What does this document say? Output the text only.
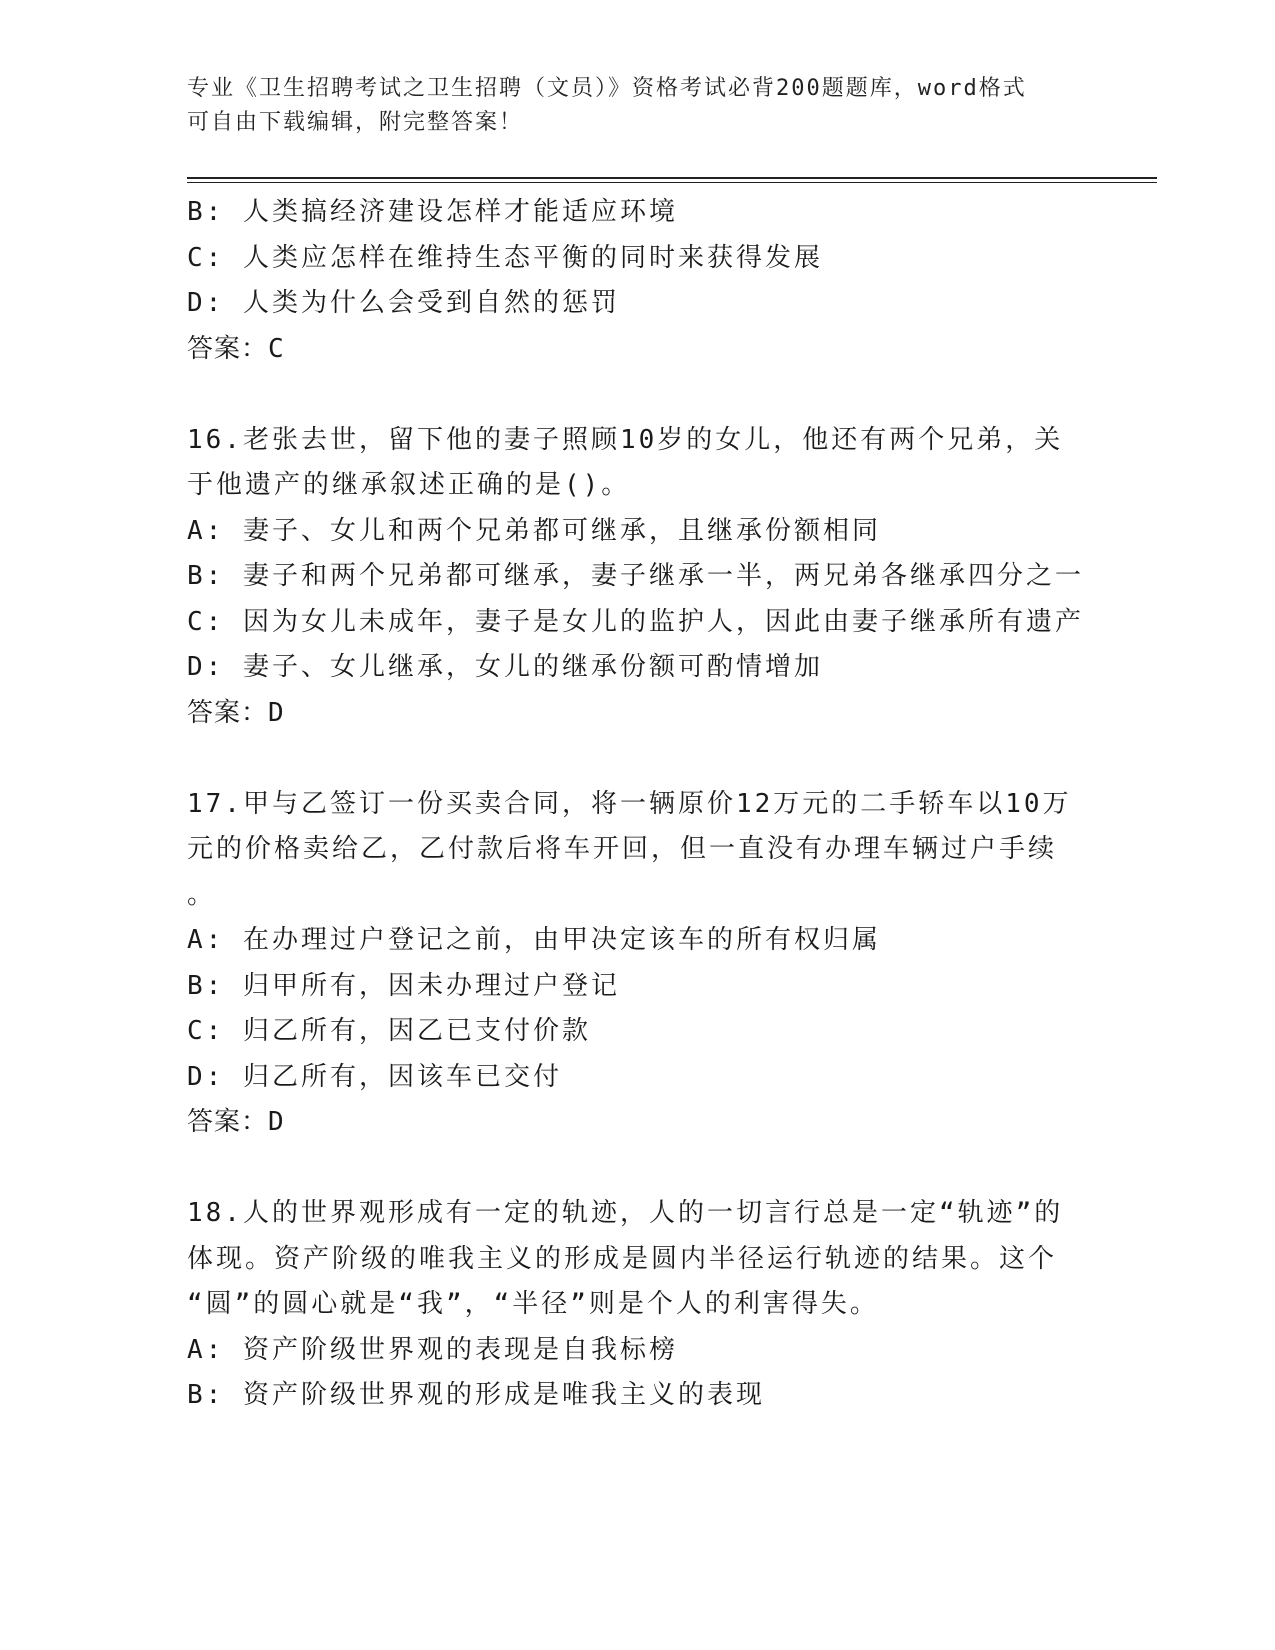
专业《卫生招聘考试之卫生招聘（文员）》资格考试必背200题题库，word格式
可自由下载编辑，附完整答案！
B: 人类搞经济建设怎样才能适应环境
C: 人类应怎样在维持生态平衡的同时来获得发展
D: 人类为什么会受到自然的惩罚
答案：C
16.老张去世，留下他的妻子照顾10岁的女儿，他还有两个兄弟，关
于他遗产的继承叙述正确的是()。
A: 妻子、女儿和两个兄弟都可继承，且继承份额相同
B: 妻子和两个兄弟都可继承，妻子继承一半，两兄弟各继承四分之一
C: 因为女儿未成年，妻子是女儿的监护人，因此由妻子继承所有遗产
D: 妻子、女儿继承，女儿的继承份额可酌情增加
答案：D
17.甲与乙签订一份买卖合同，将一辆原价12万元的二手轿车以10万
元的价格卖给乙，乙付款后将车开回，但一直没有办理车辆过户手续
。
A: 在办理过户登记之前，由甲决定该车的所有权归属
B: 归甲所有，因未办理过户登记
C: 归乙所有，因乙已支付价款
D: 归乙所有，因该车已交付
答案：D
18.人的世界观形成有一定的轨迹，人的一切言行总是一定“轨迹”的
体现。资产阶级的唯我主义的形成是圆内半径运行轨迹的结果。这个
“圆”的圆心就是“我”，“半径”则是个人的利害得失。
A: 资产阶级世界观的表现是自我标榜
B: 资产阶级世界观的形成是唯我主义的表现
